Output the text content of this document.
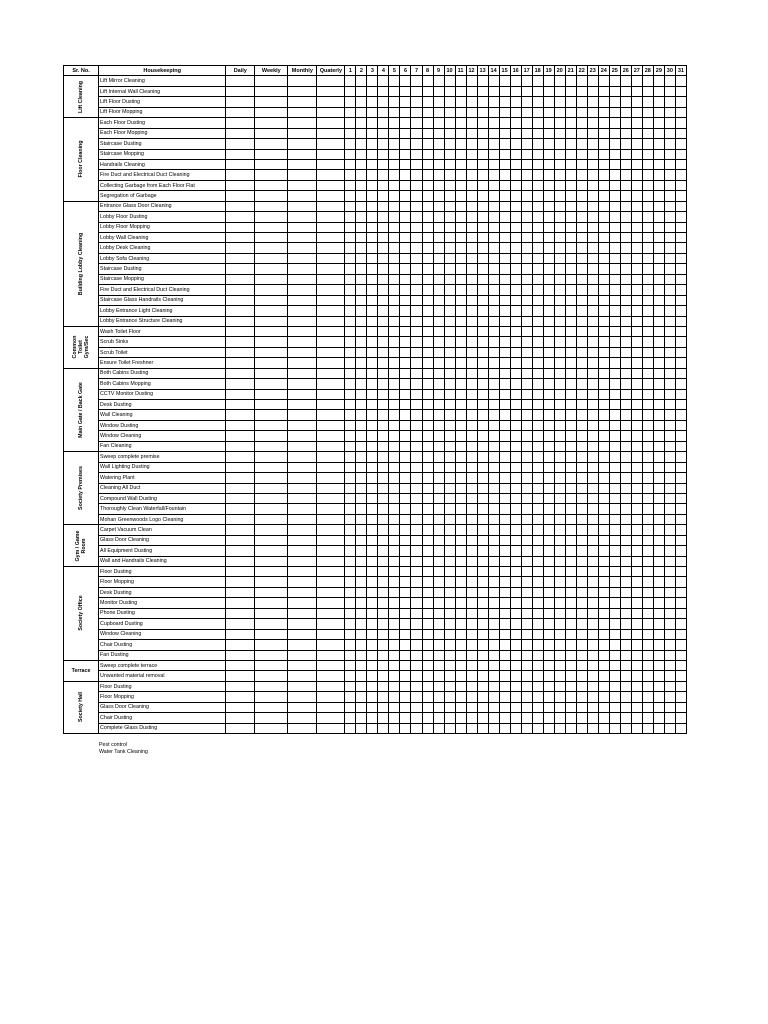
Sr. No.	Housekeeping	Daily	Weekly	Monthly	Quaterly	1	2	3	4	5	6	7	8	9	10	11	12	13	14	15	16	17	18	19	20	21	22	23	24	25	26	27	28	29	30	31

Lift Cleaning	Lift Mirror Cleaning																																			
	Lift Internal Wall Cleaning																																			
	Lift Floor Dusting																																			
	Lift Floor Mopping																																			

Floor Cleaning	Each Floor Dusting																																			
	Each Floor Mopping																																			
	Staircase Dusting																																			
	Staircase Mopping																																			
	Handrails Cleaning																																			
	Fire Duct and Electrical Duct Cleaning																																			
	Collecting Garbage from Each Floor Flat																																			
	Segregation of Garbage																																			

Building Lobby Cleaning	Entrance Glass Door Cleaning																																			
	Lobby Floor Dusting																																			
	Lobby Floor Mopping																																			
	Lobby Wall Cleaning																																			
	Lobby Desk Cleaning																																			
	Lobby Sofa Cleaning																																			
	Staircase Dusting																																			
	Staircase Mopping																																			
	Fire Duct and Electrical Duct Cleaning																																			
	Staircase Glass Handrails Cleaning																																			
	Lobby Entrance Light Cleaning																																			
	Lobby Entrance Structure Cleaning																																			

Common Toilet Gym/Sec	Wash Toilet Floor																																			
	Scrub Sinks																																			
	Scrub Toilet																																			
	Ensure Toilet Freshner																																			

Main Gate / Back Gate	Both Cabins Dusting																																			
	Both Cabins Mopping																																			
	CCTV Monitor Dusting																																			
	Desk Dusting																																			
	Wall Cleaning																																			
	Window Dusting																																			
	Window Cleaning																																			
	Fan Cleaning																																			

Society Premises	Sweep complete premise																																			
	Wall Lighting Dusting																																			
	Watering Plant																																			
	Cleaning All Duct																																			
	Compound Wall Dusting																																			
	Thoroughly Clean Waterfall/Fountain																																			
	Mohan Greenwoods Logo Cleaning																																			

Gym / Game Room	Carpet Vacuum Clean																																			
	Glass Door Cleaning																																			
	All Equipment Dusting																																			
	Wall and Handrails Cleaning																																			

Society Office	Floor Dusting																																			
	Floor Mopping																																			
	Desk Dusting																																			
	Monitor Dusting																																			
	Phone Dusting																																			
	Cupboard Dusting																																			
	Window Cleaning																																			
	Chair Dusting																																			
	Fan Dusting																																			

Terrace	Sweep complete terrace																																			
	Unwanted material removal																																			

Society Hall	Floor Dusting																																			
	Floor Mopping																																			
	Glass Door Cleaning																																			
	Chair Dusting																																			
	Complete Glass Dusting																																			
Pest control
Water Tank Cleaning
